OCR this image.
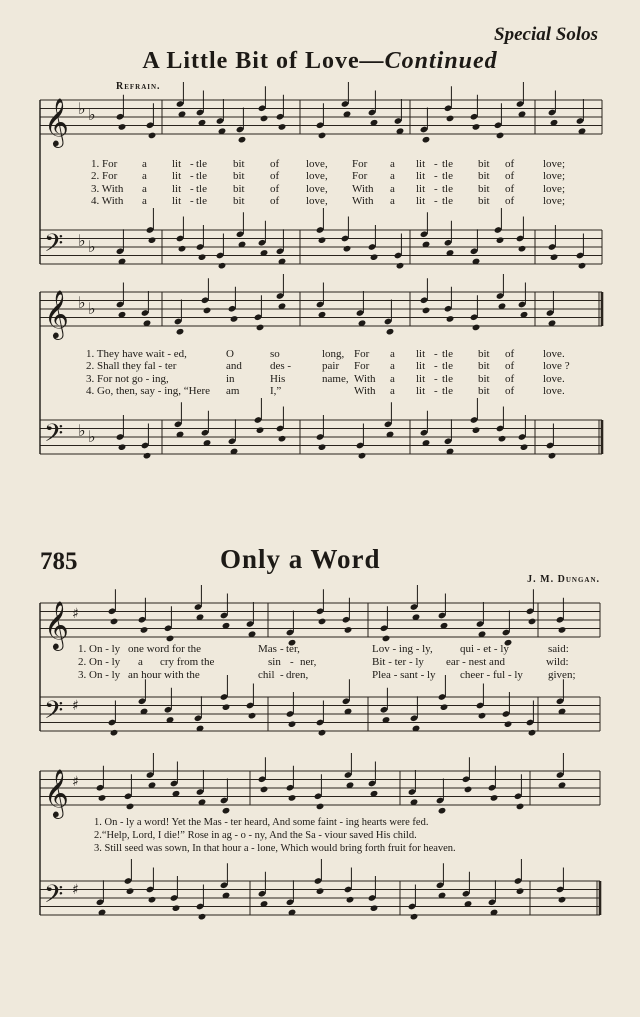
Special Solos
A Little Bit of Love—Continued
Refrain.
𝄞
𝄢
𝄞
𝄢
𝄞
𝄢
𝄞
𝄢
♭ ♭
♭ ♭
♭ ♭
♭ ♭
♯
♯
♯
♯
1. For a lit - tle bit of love, For a lit - tle bit of	love;
2. For a lit - tle bit of love, For a lit - tle bit of	love;
3. With a lit - tle bit of love, With a lit - tle bit of	love;
4. With a lit - tle bit of love, With a lit - tle bit of	love;
1. They have wait - ed,	O	so	long, For a lit - tle bit of	love.
2. Shall they fal - ter	and	des -	pair For a lit - tle bit of	love ?
3. For not go - ing,	in	His	name, With a lit - tle bit of	love.
4. Go, then, say - ing, “Here am	I,”	With a lit - tle bit of	love.
785	Only a Word
J. M. Dungan.
1. On - ly one word for the	Mas - ter,	Lov - ing - ly, qui - et - ly	said:
2. On - ly a cry from the	sin - ner,	Bit - ter - ly ear - nest and	wild:
3. On - ly an hour with the	chil - dren,	Plea - sant - ly cheer - ful - ly given;
1. On - ly a word! Yet the Mas - ter heard, And some faint - ing hearts were fed.
2.“Help, Lord, I die!” Rose in ag - o - ny, And the Sa - viour saved His child.
3. Still seed was sown, In that hour a - lone, Which would bring forth fruit for heaven.
